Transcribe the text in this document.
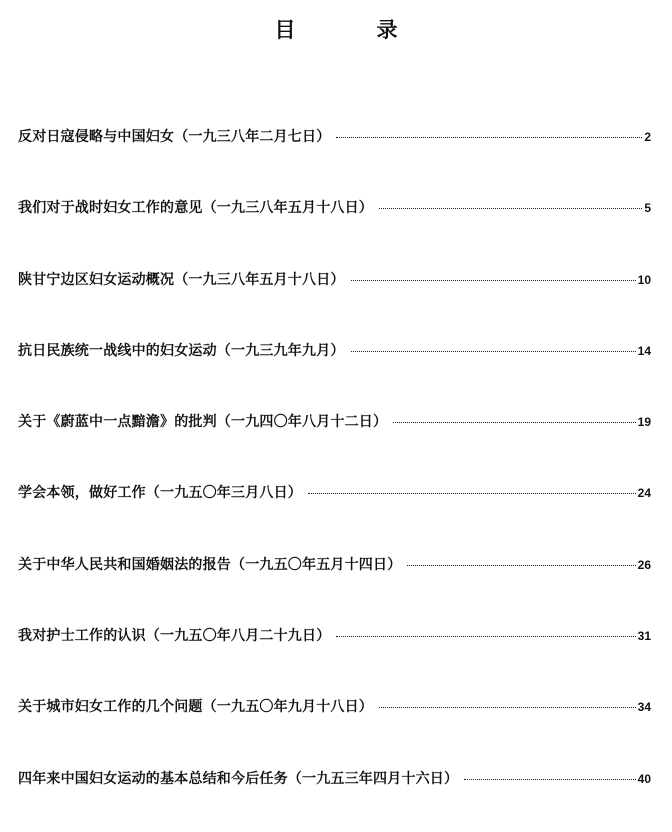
目　录
反对日寇侵略与中国妇女（一九三八年二月七日）	2
我们对于战时妇女工作的意见（一九三八年五月十八日）	5
陕甘宁边区妇女运动概况（一九三八年五月十八日）	10
抗日民族统一战线中的妇女运动（一九三九年九月）	14
关于《蔚蓝中一点黯澹》的批判（一九四〇年八月十二日）	19
学会本领，做好工作（一九五〇年三月八日）	24
关于中华人民共和国婚姻法的报告（一九五〇年五月十四日）	26
我对护士工作的认识（一九五〇年八月二十九日）	31
关于城市妇女工作的几个问题（一九五〇年九月十八日）	34
四年来中国妇女运动的基本总结和今后任务（一九五三年四月十六日）	40
